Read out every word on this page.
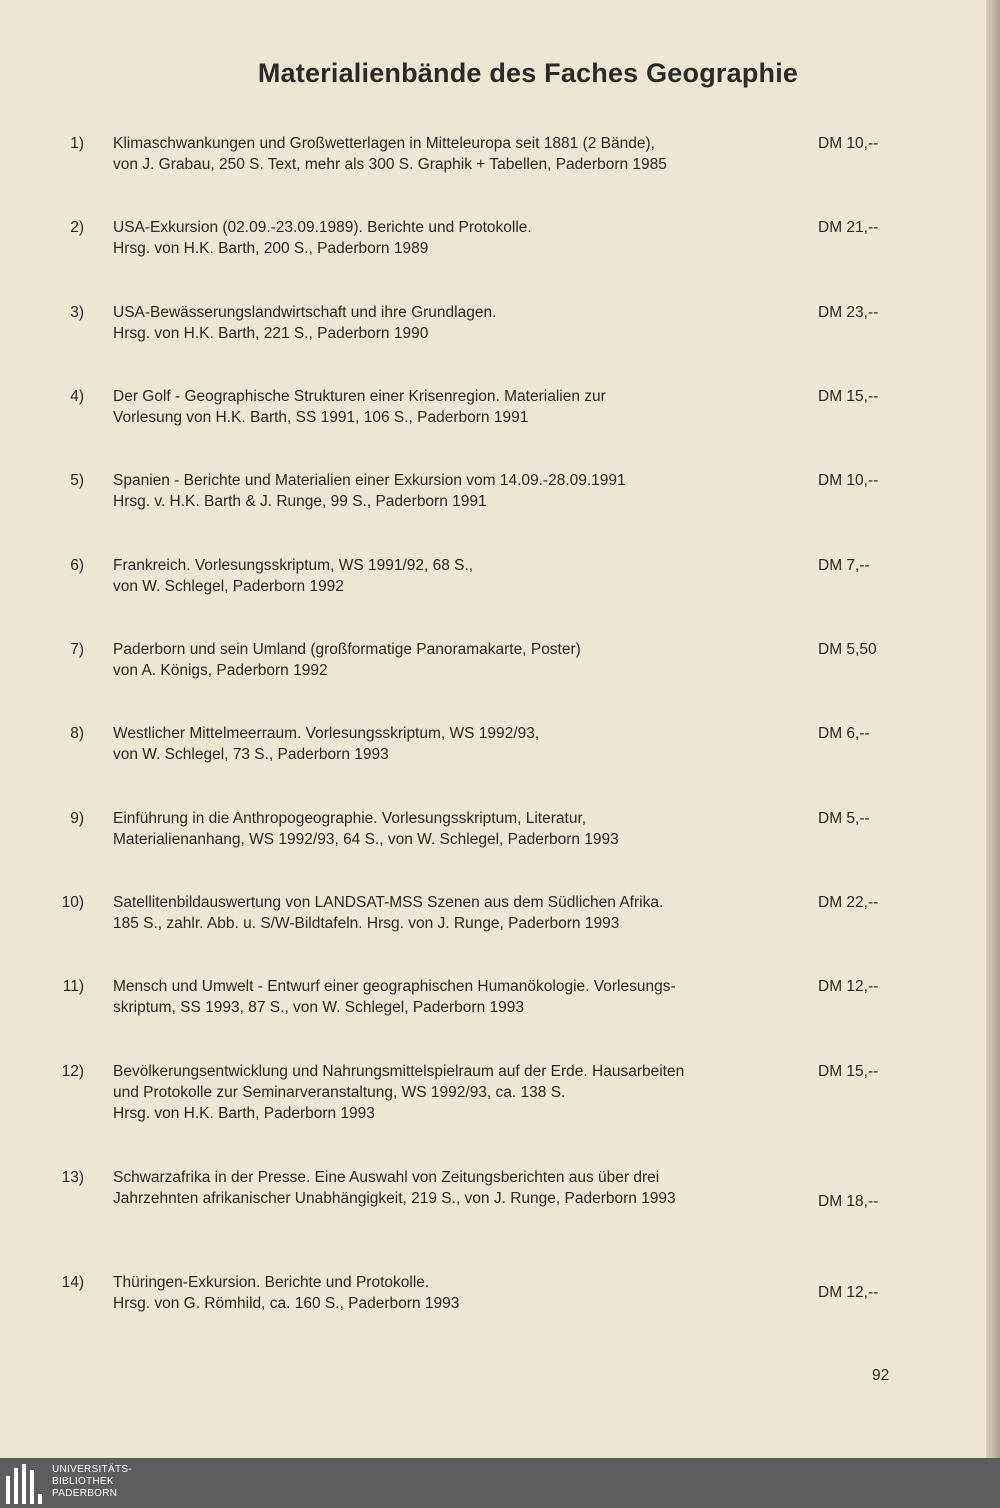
Materialienbände des Faches Geographie
1) Klimaschwankungen und Großwetterlagen in Mitteleuropa seit 1881 (2 Bände),
von J. Grabau, 250 S. Text, mehr als 300 S. Graphik + Tabellen, Paderborn 1985
DM 10,--
2) USA-Exkursion (02.09.-23.09.1989). Berichte und Protokolle.
Hrsg. von H.K. Barth, 200 S., Paderborn 1989
DM 21,--
3) USA-Bewässerungslandwirtschaft und ihre Grundlagen.
Hrsg. von H.K. Barth, 221 S., Paderborn 1990
DM 23,--
4) Der Golf - Geographische Strukturen einer Krisenregion. Materialien zur
Vorlesung von H.K. Barth, SS 1991, 106 S., Paderborn 1991
DM 15,--
5) Spanien - Berichte und Materialien einer Exkursion vom 14.09.-28.09.1991
Hrsg. v. H.K. Barth & J. Runge, 99 S., Paderborn 1991
DM 10,--
6) Frankreich. Vorlesungsskriptum, WS 1991/92, 68 S.,
von W. Schlegel, Paderborn 1992
DM 7,--
7) Paderborn und sein Umland (großformatige Panoramakarte, Poster)
von A. Königs, Paderborn 1992
DM 5,50
8) Westlicher Mittelmeerraum. Vorlesungsskriptum, WS 1992/93,
von W. Schlegel, 73 S., Paderborn 1993
DM 6,--
9) Einführung in die Anthropogeographie. Vorlesungsskriptum, Literatur,
Materialienanhang, WS 1992/93, 64 S., von W. Schlegel, Paderborn 1993
DM 5,--
10) Satellitenbildauswertung von LANDSAT-MSS Szenen aus dem Südlichen Afrika.
185 S., zahlr. Abb. u. S/W-Bildtafeln. Hrsg. von J. Runge, Paderborn 1993
DM 22,--
11) Mensch und Umwelt - Entwurf einer geographischen Humanökologie. Vorlesungs-
skriptum, SS 1993, 87 S., von W. Schlegel, Paderborn 1993
DM 12,--
12) Bevölkerungsentwicklung und Nahrungsmittelspielraum auf der Erde. Hausarbeiten
und Protokolle zur Seminarveranstaltung, WS 1992/93, ca. 138 S.
Hrsg. von H.K. Barth, Paderborn 1993
DM 15,--
13) Schwarzafrika in der Presse. Eine Auswahl von Zeitungsberichten aus über drei
Jahrzehnten afrikanischer Unabhängigkeit, 219 S., von J. Runge, Paderborn 1993	DM 18,--
14) Thüringen-Exkursion. Berichte und Protokolle.
Hrsg. von G. Römhild, ca. 160 S., Paderborn 1993
DM 12,--
92
UNIVERSITÄTS-
BIBLIOTHEK
PADERBORN
